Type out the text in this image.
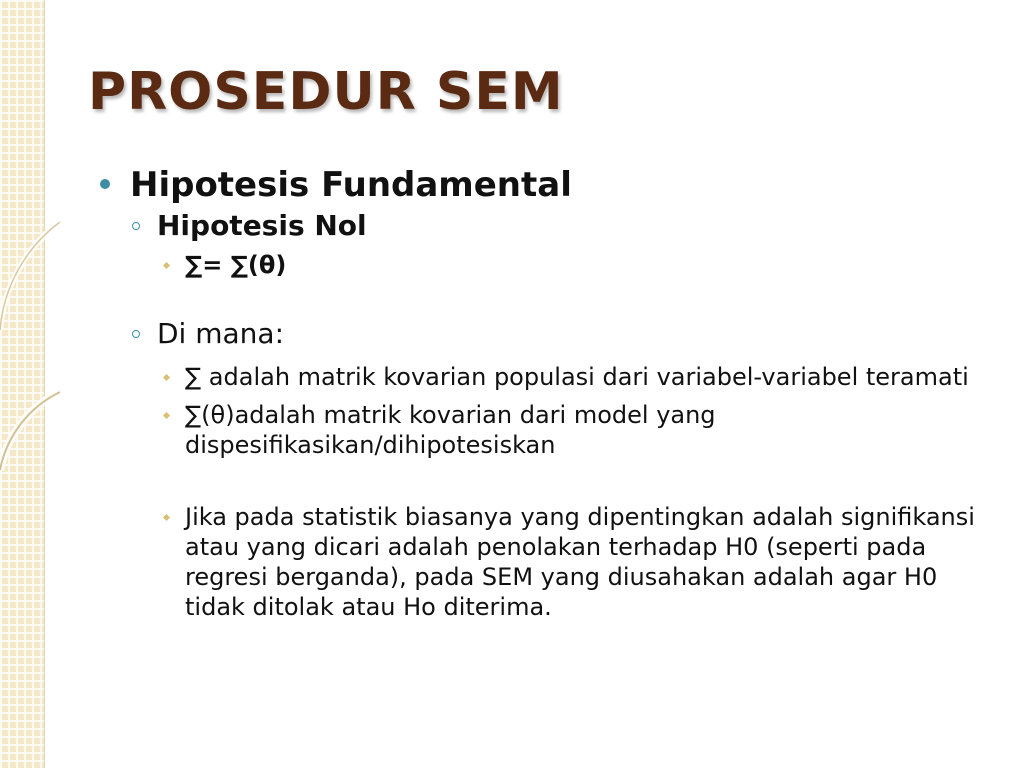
PROSEDUR SEM
Hipotesis Fundamental
Hipotesis Nol
∑= ∑(θ)
Di mana:
∑ adalah matrik kovarian populasi dari variabel-variabel teramati
∑(θ)adalah matrik kovarian dari model yang dispesifikasikan/dihipotesiskan
Jika pada statistik biasanya yang dipentingkan adalah signifikansi atau yang dicari adalah penolakan terhadap H0 (seperti pada regresi berganda), pada SEM yang diusahakan adalah agar H0 tidak ditolak atau Ho diterima.
